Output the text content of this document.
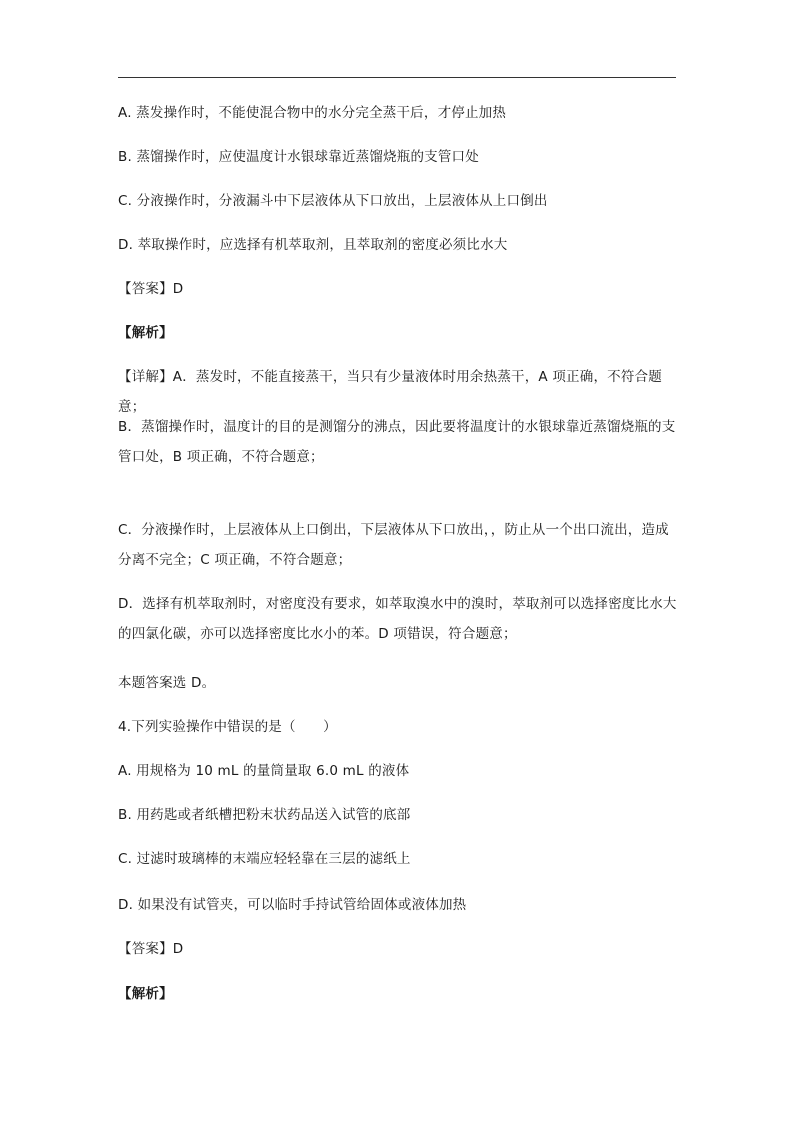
A. 蒸发操作时，不能使混合物中的水分完全蒸干后，才停止加热
B. 蒸馏操作时，应使温度计水银球靠近蒸馏烧瓶的支管口处
C. 分液操作时，分液漏斗中下层液体从下口放出，上层液体从上口倒出
D. 萃取操作时，应选择有机萃取剂，且萃取剂的密度必须比水大
【答案】D
【解析】
【详解】A．蒸发时，不能直接蒸干，当只有少量液体时用余热蒸干，A 项正确，不符合题意；
B．蒸馏操作时，温度计的目的是测馏分的沸点，因此要将温度计的水银球靠近蒸馏烧瓶的支管口处，B 项正确，不符合题意；
C．分液操作时，上层液体从上口倒出，下层液体从下口放出，，防止从一个出口流出，造成分离不完全；C 项正确，不符合题意；
D．选择有机萃取剂时，对密度没有要求，如萃取溴水中的溴时，萃取剂可以选择密度比水大的四氯化碳，亦可以选择密度比水小的苯。D 项错误，符合题意；
本题答案选 D。
4.下列实验操作中错误的是（　　）
A. 用规格为 10 mL 的量筒量取 6.0 mL 的液体
B. 用药匙或者纸槽把粉末状药品送入试管的底部
C. 过滤时玻璃棒的末端应轻轻靠在三层的滤纸上
D. 如果没有试管夹，可以临时手持试管给固体或液体加热
【答案】D
【解析】
